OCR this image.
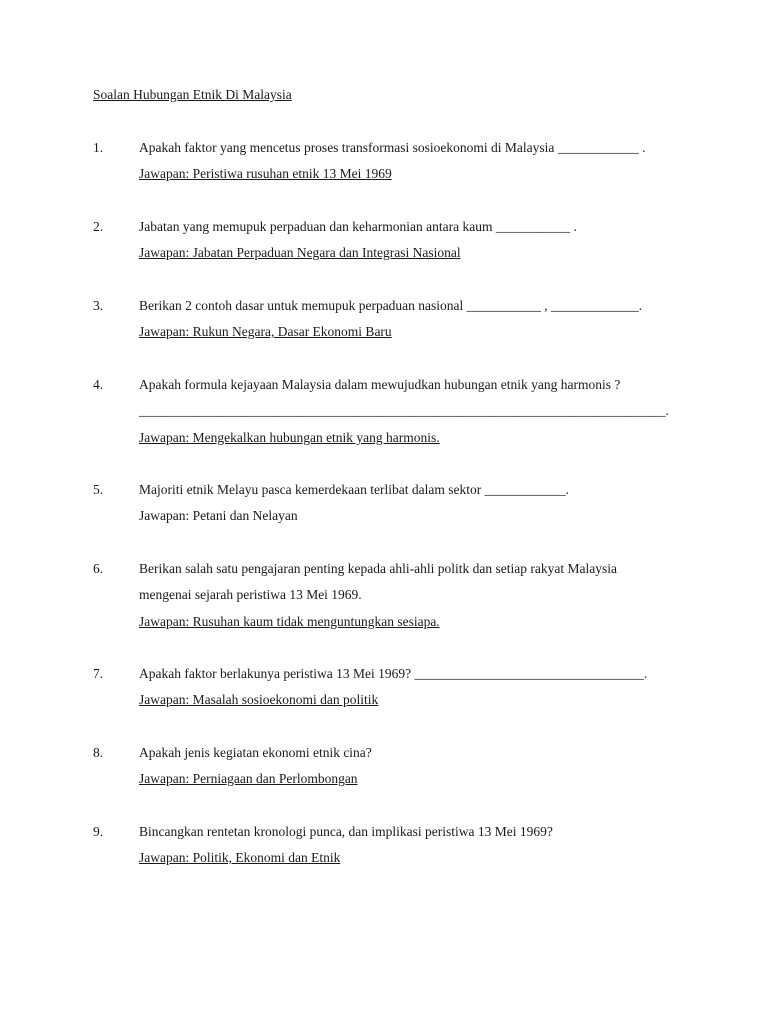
Soalan Hubungan Etnik Di Malaysia
1.	Apakah faktor yang mencetus proses transformasi sosioekonomi di Malaysia ____________ .
Jawapan: Peristiwa rusuhan etnik 13 Mei 1969
2.	Jabatan yang memupuk perpaduan dan keharmonian antara kaum ___________ .
Jawapan: Jabatan Perpaduan Negara dan Integrasi Nasional
3.	Berikan 2 contoh dasar untuk memupuk perpaduan nasional ___________ , _____________.
Jawapan: Rukun Negara, Dasar Ekonomi Baru
4.	Apakah formula kejayaan Malaysia dalam mewujudkan hubungan etnik yang harmonis ?
______________________________________________________________________________.
Jawapan: Mengekalkan hubungan etnik yang harmonis.
5.	Majoriti etnik Melayu pasca kemerdekaan terlibat dalam sektor ____________.
Jawapan: Petani dan Nelayan
6.	Berikan salah satu pengajaran penting kepada ahli-ahli politk dan setiap rakyat Malaysia
mengenai sejarah peristiwa 13 Mei 1969.
Jawapan: Rusuhan kaum tidak menguntungkan sesiapa.
7.	Apakah faktor berlakunya peristiwa 13 Mei 1969? __________________________________.
Jawapan: Masalah sosioekonomi dan politik
8.	Apakah jenis kegiatan ekonomi etnik cina?
Jawapan: Perniagaan dan Perlombongan
9.	Bincangkan rentetan kronologi punca, dan implikasi peristiwa 13 Mei 1969?
Jawapan: Politik, Ekonomi dan Etnik
